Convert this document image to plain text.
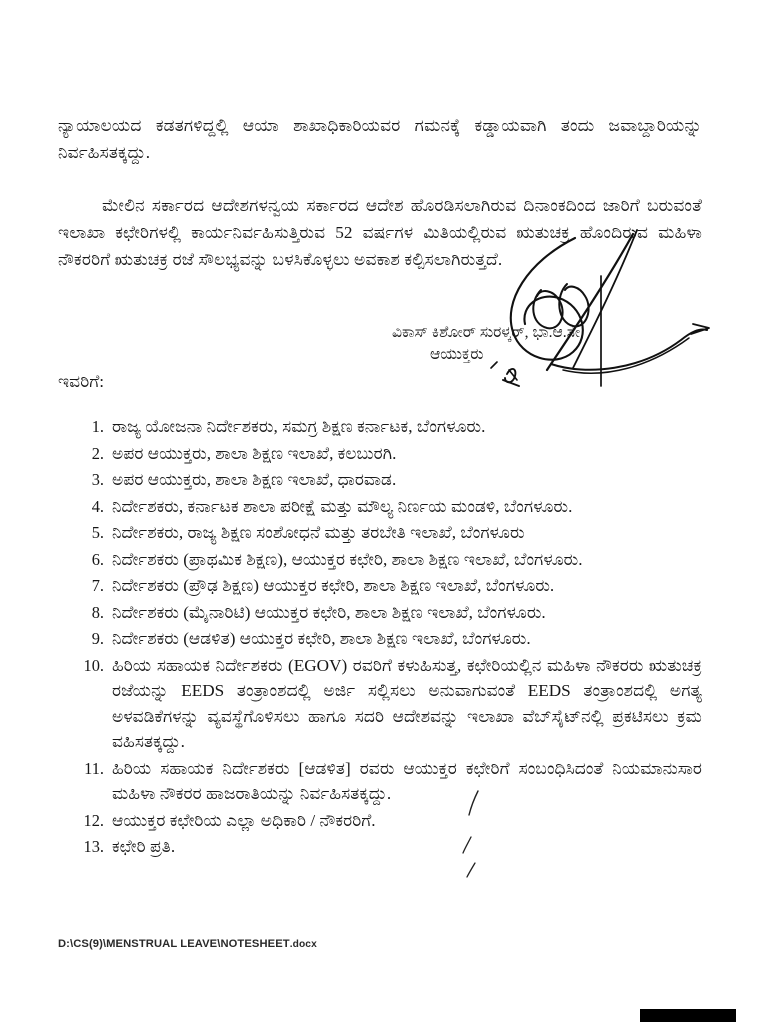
ನ್ಯಾಯಾಲಯದ ಕಡತಗಳಿದ್ದಲ್ಲಿ ಆಯಾ ಶಾಖಾಧಿಕಾರಿಯವರ ಗಮನಕ್ಕೆ ಕಡ್ಡಾಯವಾಗಿ ತಂದು ಜವಾಬ್ದಾರಿಯನ್ನು ನಿರ್ವಹಿಸತಕ್ಕದ್ದು.

ಮೇಲಿನ ಸರ್ಕಾರದ ಆದೇಶಗಳನ್ವಯ ಸರ್ಕಾರದ ಆದೇಶ ಹೊರಡಿಸಲಾಗಿರುವ ದಿನಾಂಕದಿಂದ ಜಾರಿಗೆ ಬರುವಂತೆ ಇಲಾಖಾ ಕಛೇರಿಗಳಲ್ಲಿ ಕಾರ್ಯನಿರ್ವಹಿಸುತ್ತಿರುವ 52 ವರ್ಷಗಳ ಮಿತಿಯಲ್ಲಿರುವ ಋತುಚಕ್ರ ಹೊಂದಿರುವ ಮಹಿಳಾ ನೌಕರರಿಗೆ ಋತುಚಕ್ರ ರಜೆ ಸೌಲಭ್ಯವನ್ನು ಬಳಸಿಕೊಳ್ಳಲು ಅವಕಾಶ ಕಲ್ಪಿಸಲಾಗಿರುತ್ತದೆ.

ವಿಕಾಸ್ ಕಿಶೋರ್ ಸುರಳ್ಕರ್, ಭಾ.ಆ.ಸೇ,
ಆಯುಕ್ತರು
ಇವರಿಗೆ:
1. ರಾಜ್ಯ ಯೋಜನಾ ನಿರ್ದೇಶಕರು, ಸಮಗ್ರ ಶಿಕ್ಷಣ ಕರ್ನಾಟಕ, ಬೆಂಗಳೂರು.
2. ಅಪರ ಆಯುಕ್ತರು, ಶಾಲಾ ಶಿಕ್ಷಣ ಇಲಾಖೆ, ಕಲಬುರಗಿ.
3. ಅಪರ ಆಯುಕ್ತರು, ಶಾಲಾ ಶಿಕ್ಷಣ ಇಲಾಖೆ, ಧಾರವಾಡ.
4. ನಿರ್ದೇಶಕರು, ಕರ್ನಾಟಕ ಶಾಲಾ ಪರೀಕ್ಷೆ ಮತ್ತು ಮೌಲ್ಯ ನಿರ್ಣಯ ಮಂಡಳಿ, ಬೆಂಗಳೂರು.
5. ನಿರ್ದೇಶಕರು, ರಾಜ್ಯ ಶಿಕ್ಷಣ ಸಂಶೋಧನೆ ಮತ್ತು ತರಬೇತಿ ಇಲಾಖೆ, ಬೆಂಗಳೂರು
6. ನಿರ್ದೇಶಕರು (ಪ್ರಾಥಮಿಕ ಶಿಕ್ಷಣ), ಆಯುಕ್ತರ ಕಛೇರಿ, ಶಾಲಾ ಶಿಕ್ಷಣ ಇಲಾಖೆ, ಬೆಂಗಳೂರು.
7. ನಿರ್ದೇಶಕರು (ಪ್ರೌಢ ಶಿಕ್ಷಣ) ಆಯುಕ್ತರ ಕಛೇರಿ, ಶಾಲಾ ಶಿಕ್ಷಣ ಇಲಾಖೆ, ಬೆಂಗಳೂರು.
8. ನಿರ್ದೇಶಕರು (ಮೈನಾರಿಟಿ) ಆಯುಕ್ತರ ಕಛೇರಿ, ಶಾಲಾ ಶಿಕ್ಷಣ ಇಲಾಖೆ, ಬೆಂಗಳೂರು.
9. ನಿರ್ದೇಶಕರು (ಆಡಳಿತ) ಆಯುಕ್ತರ ಕಛೇರಿ, ಶಾಲಾ ಶಿಕ್ಷಣ ಇಲಾಖೆ, ಬೆಂಗಳೂರು.
10. ಹಿರಿಯ ಸಹಾಯಕ ನಿರ್ದೇಶಕರು (EGOV) ರವರಿಗೆ ಕಳುಹಿಸುತ್ತ, ಕಛೇರಿಯಲ್ಲಿನ ಮಹಿಳಾ ನೌಕರರು ಋತುಚಕ್ರ ರಜೆಯನ್ನು EEDS ತಂತ್ರಾಂಶದಲ್ಲಿ ಅರ್ಜಿ ಸಲ್ಲಿಸಲು ಅನುವಾಗುವಂತೆ EEDS ತಂತ್ರಾಂಶದಲ್ಲಿ ಅಗತ್ಯ ಅಳವಡಿಕೆಗಳನ್ನು ವ್ಯವಸ್ಥೆಗೊಳಿಸಲು ಹಾಗೂ ಸದರಿ ಆದೇಶವನ್ನು ಇಲಾಖಾ ವೆಬ್‌ಸೈಟ್‌ನಲ್ಲಿ ಪ್ರಕಟಿಸಲು ಕ್ರಮ ವಹಿಸತಕ್ಕದ್ದು.
11. ಹಿರಿಯ ಸಹಾಯಕ ನಿರ್ದೇಶಕರು [ಆಡಳಿತ] ರವರು ಆಯುಕ್ತರ ಕಛೇರಿಗೆ ಸಂಬಂಧಿಸಿದಂತೆ ನಿಯಮಾನುಸಾರ ಮಹಿಳಾ ನೌಕರರ ಹಾಜರಾತಿಯನ್ನು ನಿರ್ವಹಿಸತಕ್ಕದ್ದು.
12. ಆಯುಕ್ತರ ಕಛೇರಿಯ ಎಲ್ಲಾ ಅಧಿಕಾರಿ / ನೌಕರರಿಗೆ.
13. ಕಛೇರಿ ಪ್ರತಿ.
D:\CS(9)\MENSTRUAL LEAVE\NOTESHEET.docx
